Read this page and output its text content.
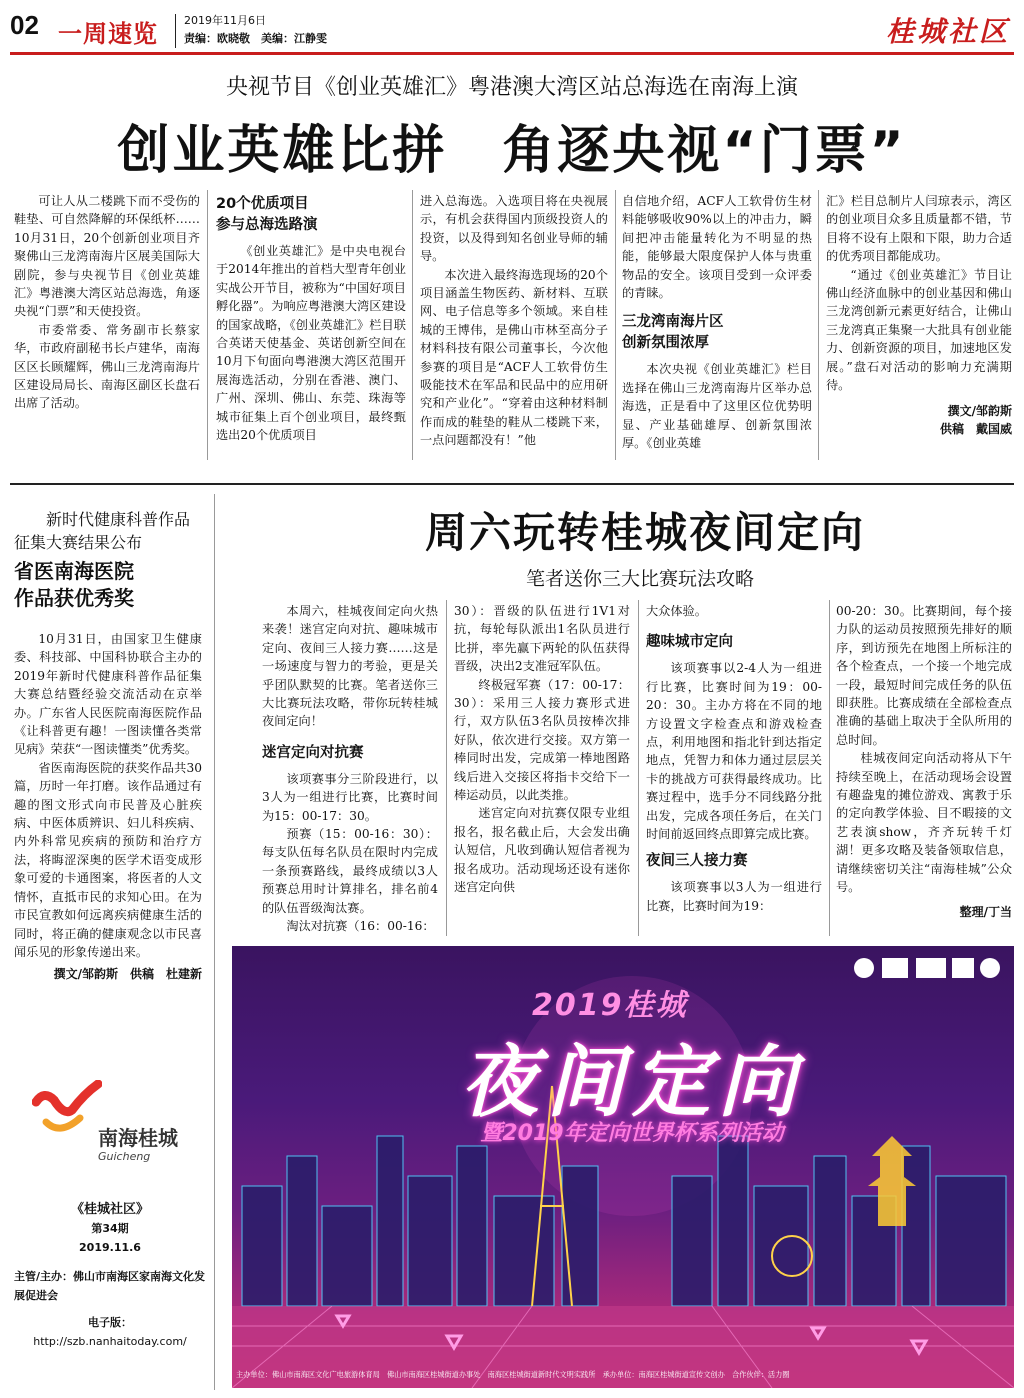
02 一周速览 2019年11月6日
责编：欧晓敬　美编：江静雯	桂城社区
央视节目《创业英雄汇》粤港澳大湾区站总海选在南海上演
创业英雄比拼　角逐央视“门票”

可让人从二楼跳下而不受伤的鞋垫、可自然降解的环保纸杯……10月31日，20个创新创业项目齐聚佛山三龙湾南海片区展美国际大剧院，参与央视节目《创业英雄汇》粤港澳大湾区站总海选，角逐央视“门票”和天使投资。

市委常委、常务副市长蔡家华，市政府副秘书长卢建华，南海区区长顾耀辉，佛山三龙湾南海片区建设局局长、南海区副区长盘石出席了活动。

20个优质项目
参与总海选路演

《创业英雄汇》是中央电视台于2014年推出的首档大型青年创业实战公开节目，被称为“中国好项目孵化器”。为响应粤港澳大湾区建设的国家战略，《创业英雄汇》栏目联合英诺天使基金、英诺创新空间在10月下旬面向粤港澳大湾区范围开展海选活动，分别在香港、澳门、广州、深圳、佛山、东莞、珠海等城市征集上百个创业项目，最终甄选出20个优质项目

进入总海选。入选项目将在央视展示，有机会获得国内顶级投资人的投资，以及得到知名创业导师的辅导。

本次进入最终海选现场的20个项目涵盖生物医药、新材料、互联网、电子信息等多个领域。来自桂城的王博伟，是佛山市林至高分子材料科技有限公司董事长，今次他参赛的项目是“ACF人工软骨仿生吸能技术在军品和民品中的应用研究和产业化”。“穿着由这种材料制作而成的鞋垫的鞋从二楼跳下来，一点问题都没有！”他

自信地介绍，ACF人工软骨仿生材料能够吸收90%以上的冲击力，瞬间把冲击能量转化为不明显的热能，能够最大限度保护人体与贵重物品的安全。该项目受到一众评委的青睐。

三龙湾南海片区
创新氛围浓厚

本次央视《创业英雄汇》栏目选择在佛山三龙湾南海片区举办总海选，正是看中了这里区位优势明显、产业基础雄厚、创新氛围浓厚。《创业英雄

汇》栏目总制片人闫琼表示，湾区的创业项目众多且质量都不错，节目将不设有上限和下限，助力合适的优秀项目都能成功。

“通过《创业英雄汇》节目让佛山经济血脉中的创业基因和佛山三龙湾创新元素更好结合，让佛山三龙湾真正集聚一大批具有创业能力、创新资源的项目，加速地区发展。”盘石对活动的影响力充满期待。

撰文/邹韵斯
供稿　戴国威
新时代健康科普作品征集大赛结果公布
省医南海医院
作品获优秀奖

10月31日，由国家卫生健康委、科技部、中国科协联合主办的2019年新时代健康科普作品征集大赛总结暨经验交流活动在京举办。广东省人民医院南海医院作品《让科普更有趣！一图读懂各类常见病》荣获“一图读懂类”优秀奖。

省医南海医院的获奖作品共30篇，历时一年打磨。该作品通过有趣的图文形式向市民普及心脏疾病、中医体质辨识、妇儿科疾病、内外科常见疾病的预防和治疗方法，将晦涩深奥的医学术语变成形象可爱的卡通图案，将医者的人文情怀，直抵市民的求知心田。在为市民宣教如何远离疾病健康生活的同时，将正确的健康观念以市民喜闻乐见的形象传递出来。

撰文/邹韵斯　供稿　杜建新
南海桂城
Guicheng
《桂城社区》
第34期
2019.11.6
主管/主办：佛山市南海区家南海文化发展促进会
电子版：
http://szb.nanhaitoday.com/
周六玩转桂城夜间定向
笔者送你三大比赛玩法攻略

本周六，桂城夜间定向火热来袭！迷宫定向对抗、趣味城市定向、夜间三人接力赛……这是一场速度与智力的考验，更是关乎团队默契的比赛。笔者送你三大比赛玩法攻略，带你玩转桂城夜间定向！

迷宫定向对抗赛

该项赛事分三阶段进行，以3人为一组进行比赛，比赛时间为15：00-17：30。

预赛（15：00-16：30）：每支队伍每名队员在限时内完成一条预赛路线，最终成绩以3人预赛总用时计算排名，排名前4的队伍晋级淘汰赛。

淘汰对抗赛（16：00-16：

30）：晋级的队伍进行1V1对抗，每轮每队派出1名队员进行比拼，率先赢下两轮的队伍获得晋级，决出2支准冠军队伍。

终极冠军赛（17：00-17：30）：采用三人接力赛形式进行，双方队伍3名队员按棒次排好队，依次进行交接。双方第一棒同时出发，完成第一棒地图路线后进入交接区将指卡交给下一棒运动员，以此类推。

迷宫定向对抗赛仅限专业组报名，报名截止后，大会发出确认短信，凡收到确认短信者视为报名成功。活动现场还设有迷你迷宫定向供

大众体验。

趣味城市定向

该项赛事以2-4人为一组进行比赛，比赛时间为19：00-20：30。主办方将在不同的地方设置文字检查点和游戏检查点，利用地图和指北针到达指定地点，凭智力和体力通过层层关卡的挑战方可获得最终成功。比赛过程中，选手分不同线路分批出发，完成各项任务后，在关门时间前返回终点即算完成比赛。

夜间三人接力赛

该项赛事以3人为一组进行比赛，比赛时间为19：

00-20：30。比赛期间，每个接力队的运动员按照预先排好的顺序，到访预先在地图上所标注的各个检查点，一个接一个地完成一段，最短时间完成任务的队伍即获胜。比赛成绩在全部检查点准确的基础上取决于全队所用的总时间。

桂城夜间定向活动将从下午持续至晚上，在活动现场会设置有趣盎鬼的摊位游戏、寓教于乐的定向教学体验、目不暇接的文艺表演show，齐齐玩转千灯湖！更多攻略及装备领取信息，请继续密切关注“南海桂城”公众号。

整理/丁当
2019桂城
夜间定向
暨2019年定向世界杯系列活动
主办单位：佛山市南海区文化广电旅游体育局　佛山市南海区桂城街道办事处　南海区桂城街道新时代文明实践所　承办单位：南海区桂城街道宣传文创办　合作伙伴：活力圈
